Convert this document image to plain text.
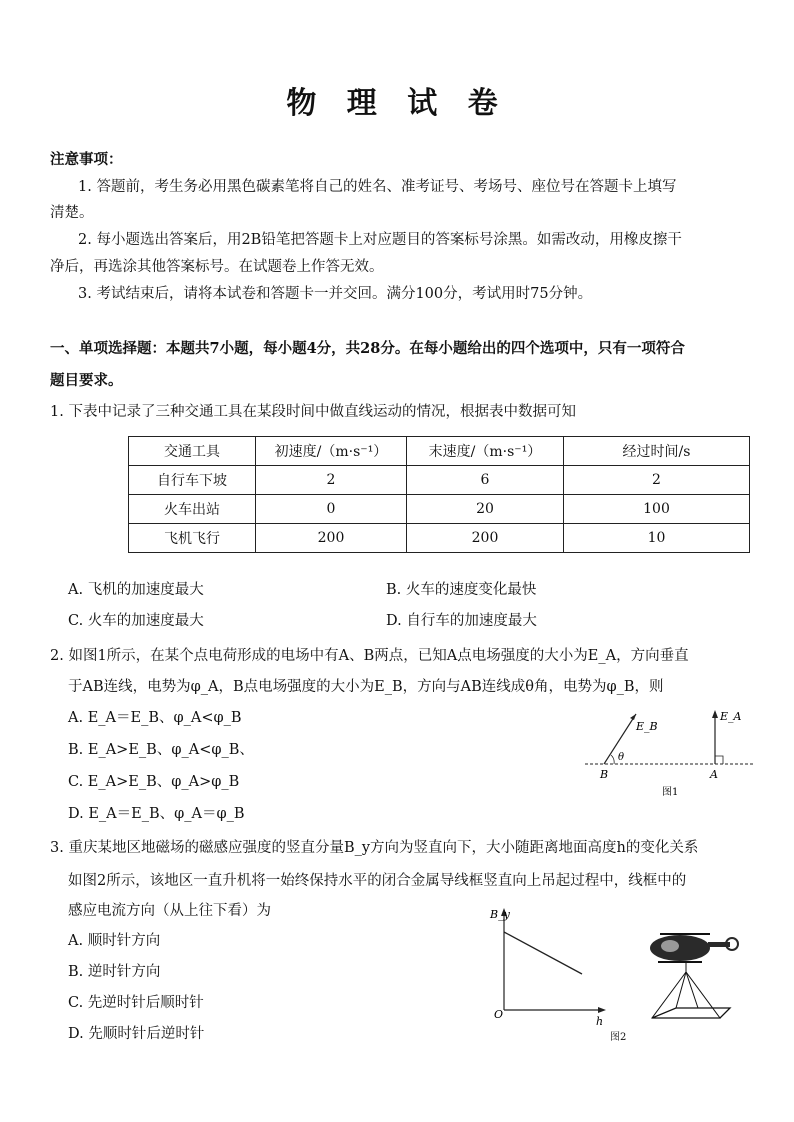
物 理 试 卷
注意事项：
1. 答题前，考生务必用黑色碳素笔将自己的姓名、准考证号、考场号、座位号在答题卡上填写
清楚。
2. 每小题选出答案后，用2B铅笔把答题卡上对应题目的答案标号涂黑。如需改动，用橡皮擦干
净后，再选涂其他答案标号。在试题卷上作答无效。
3. 考试结束后，请将本试卷和答题卡一并交回。满分100分，考试用时75分钟。
一、单项选择题：本题共7小题，每小题4分，共28分。在每小题给出的四个选项中，只有一项符合
题目要求。
1. 下表中记录了三种交通工具在某段时间中做直线运动的情况，根据表中数据可知
交通工具	初速度/（m·s⁻¹）	末速度/（m·s⁻¹）	经过时间/s
自行车下坡	2	6	2
火车出站	0	20	100
飞机飞行	200	200	10
A. 飞机的加速度最大	B. 火车的速度变化最快
C. 火车的加速度最大	D. 自行车的加速度最大
2. 如图1所示，在某个点电荷形成的电场中有A、B两点，已知A点电场强度的大小为E_A，方向垂直
于AB连线，电势为φ_A，B点电场强度的大小为E_B，方向与AB连线成θ角，电势为φ_B，则
A. E_A＝E_B、φ_A<φ_B
B. E_A>E_B、φ_A<φ_B、
C. E_A>E_B、φ_A>φ_B
D. E_A＝E_B、φ_A＝φ_B
E_B
E_A
θ
B	A
图1
3. 重庆某地区地磁场的磁感应强度的竖直分量B_y方向为竖直向下，大小随距离地面高度h的变化关系
如图2所示，该地区一直升机将一始终保持水平的闭合金属导线框竖直向上吊起过程中，线框中的
感应电流方向（从上往下看）为
A. 顺时针方向
B. 逆时针方向
C. 先逆时针后顺时针
D. 先顺时针后逆时针
B_y
h
O
图2
